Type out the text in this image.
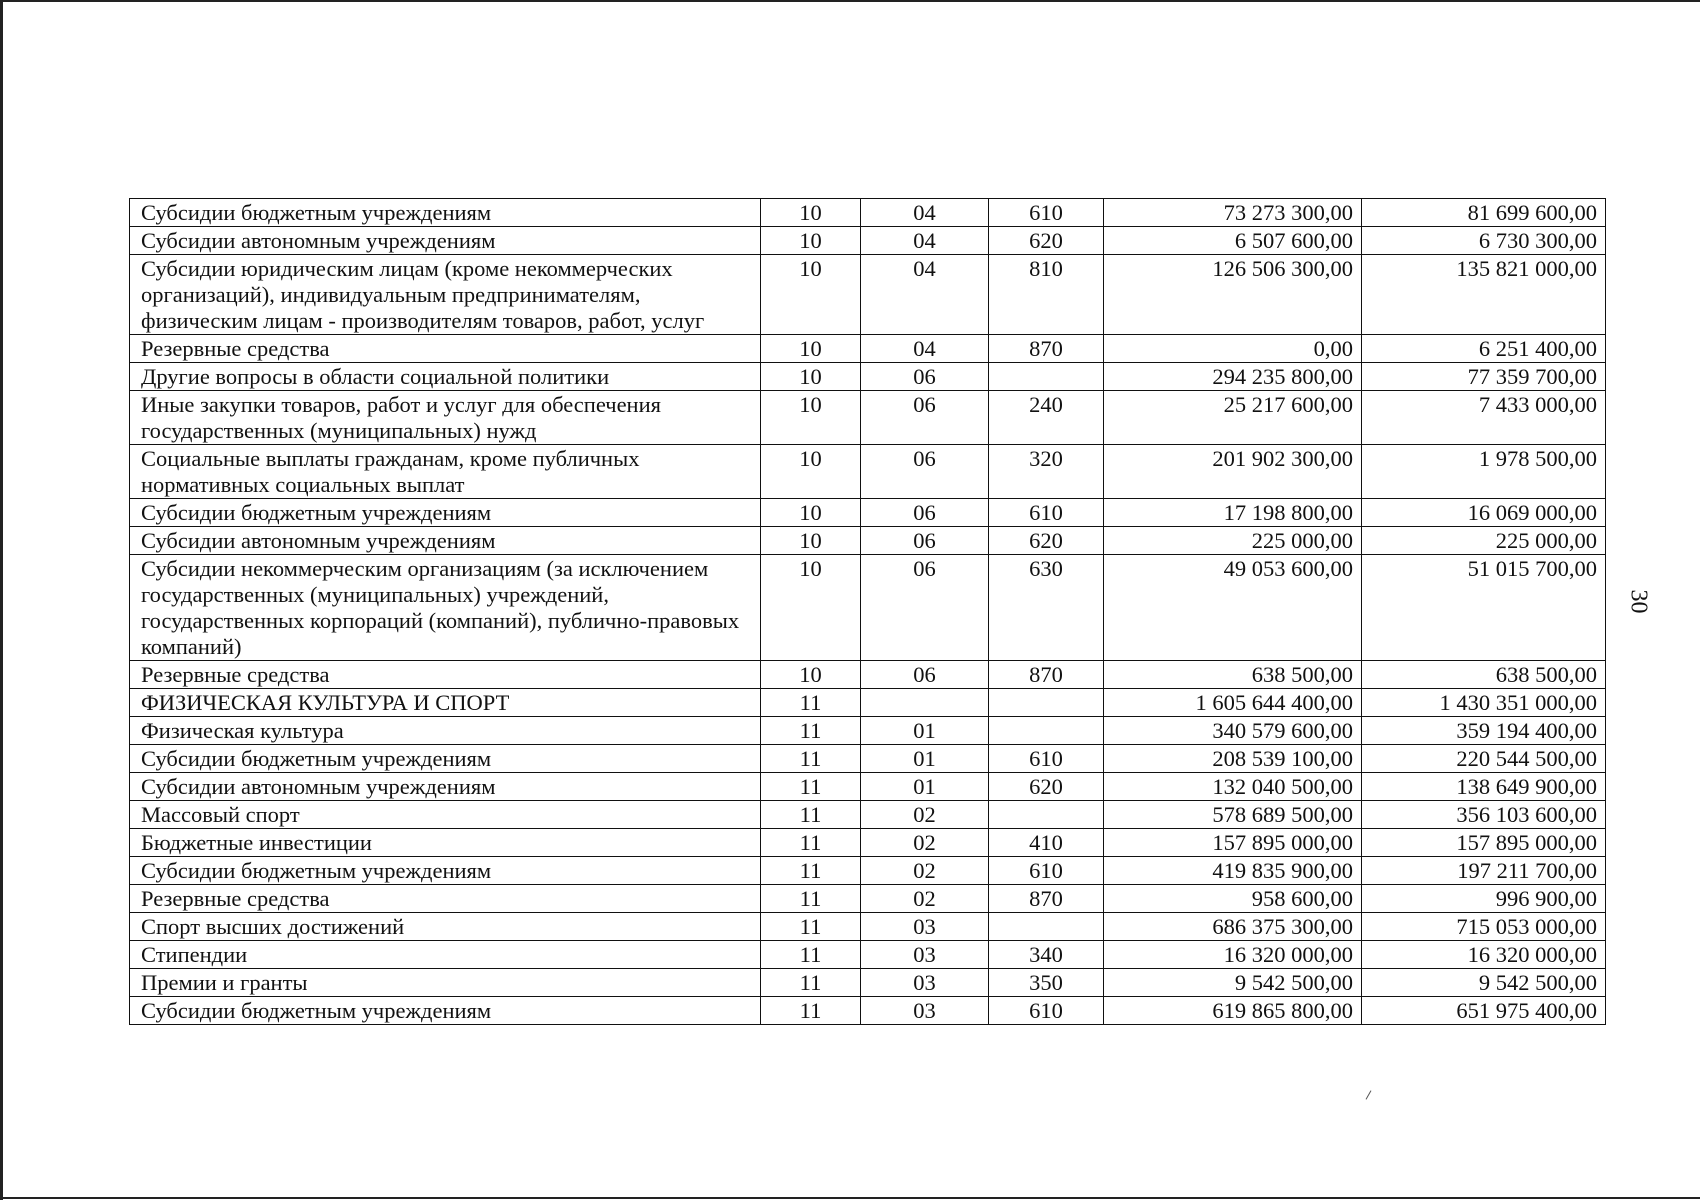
Субсидии бюджетным учреждениям	10	04	610	73 273 300,00	81 699 600,00
Субсидии автономным учреждениям	10	04	620	6 507 600,00	6 730 300,00
Субсидии юридическим лицам (кроме некоммерческих организаций), индивидуальным предпринимателям, физическим лицам - производителям товаров, работ, услуг	10	04	810	126 506 300,00	135 821 000,00
Резервные средства	10	04	870	0,00	6 251 400,00
Другие вопросы в области социальной политики	10	06		294 235 800,00	77 359 700,00
Иные закупки товаров, работ и услуг для обеспечения государственных (муниципальных) нужд	10	06	240	25 217 600,00	7 433 000,00
Социальные выплаты гражданам, кроме публичных нормативных социальных выплат	10	06	320	201 902 300,00	1 978 500,00
Субсидии бюджетным учреждениям	10	06	610	17 198 800,00	16 069 000,00
Субсидии автономным учреждениям	10	06	620	225 000,00	225 000,00
Субсидии некоммерческим организациям (за исключением государственных (муниципальных) учреждений, государственных корпораций (компаний), публично-правовых компаний)	10	06	630	49 053 600,00	51 015 700,00
Резервные средства	10	06	870	638 500,00	638 500,00
ФИЗИЧЕСКАЯ КУЛЬТУРА И СПОРТ	11			1 605 644 400,00	1 430 351 000,00
Физическая культура	11	01		340 579 600,00	359 194 400,00
Субсидии бюджетным учреждениям	11	01	610	208 539 100,00	220 544 500,00
Субсидии автономным учреждениям	11	01	620	132 040 500,00	138 649 900,00
Массовый спорт	11	02		578 689 500,00	356 103 600,00
Бюджетные инвестиции	11	02	410	157 895 000,00	157 895 000,00
Субсидии бюджетным учреждениям	11	02	610	419 835 900,00	197 211 700,00
Резервные средства	11	02	870	958 600,00	996 900,00
Спорт высших достижений	11	03		686 375 300,00	715 053 000,00
Стипендии	11	03	340	16 320 000,00	16 320 000,00
Премии и гранты	11	03	350	9 542 500,00	9 542 500,00
Субсидии бюджетным учреждениям	11	03	610	619 865 800,00	651 975 400,00
30
